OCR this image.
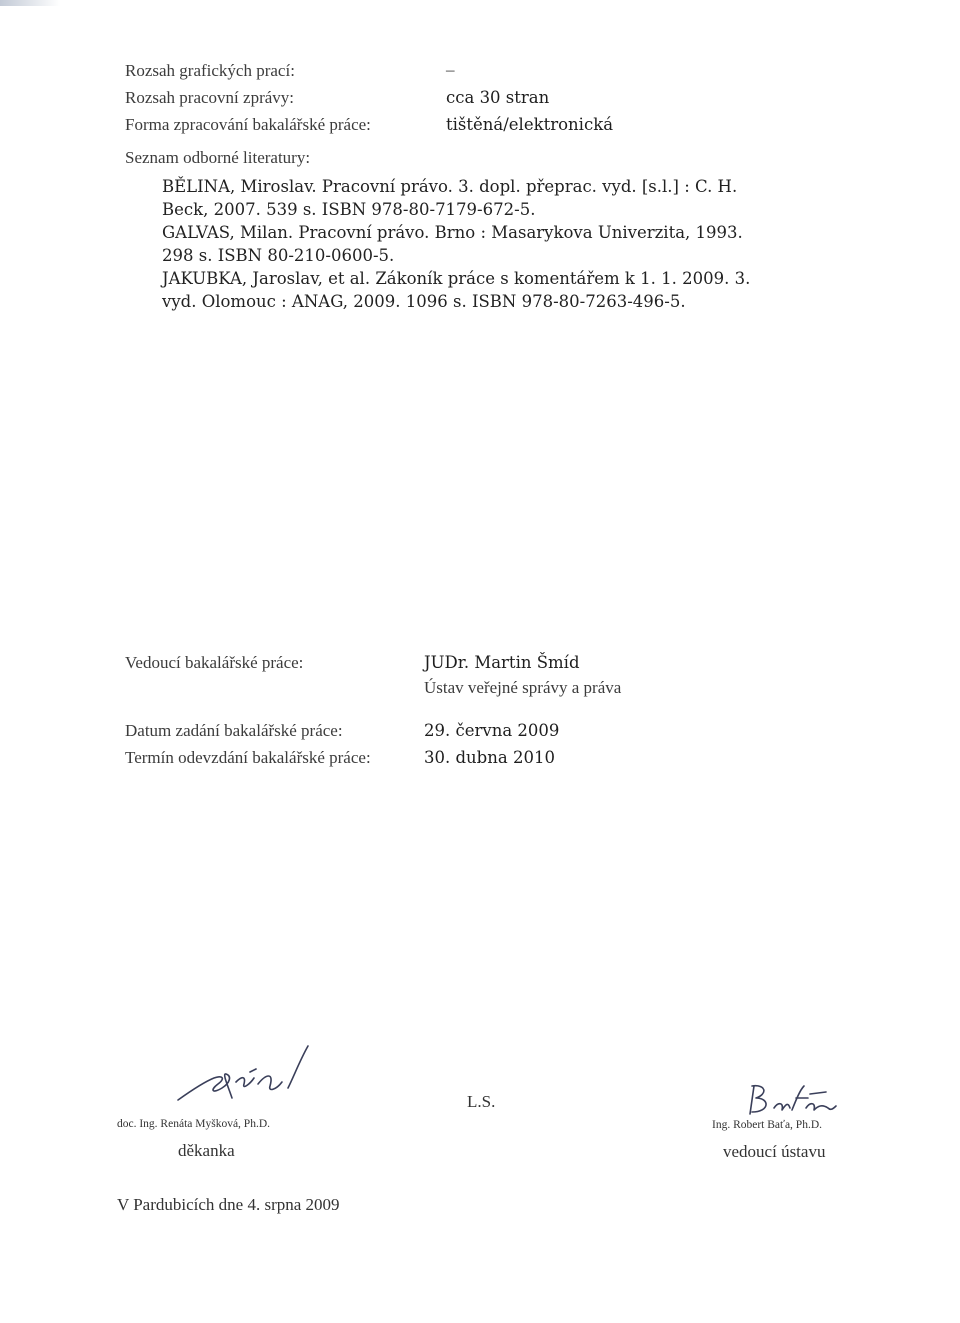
Rozsah grafických prací:	–
Rozsah pracovní zprávy:	cca 30 stran
Forma zpracování bakalářské práce:	tištěná/elektronická
Seznam odborné literatury:
BĚLINA, Miroslav. Pracovní právo. 3. dopl. přeprac. vyd. [s.l.] : C. H.
Beck, 2007. 539 s. ISBN 978-80-7179-672-5.
GALVAS, Milan. Pracovní právo. Brno : Masarykova Univerzita, 1993.
298 s. ISBN 80-210-0600-5.
JAKUBKA, Jaroslav, et al. Zákoník práce s komentářem k 1. 1. 2009. 3.
vyd. Olomouc : ANAG, 2009. 1096 s. ISBN 978-80-7263-496-5.
Vedoucí bakalářské práce:	JUDr. Martin Šmíd
Ústav veřejné správy a práva
Datum zadání bakalářské práce:	29. června 2009
Termín odevzdání bakalářské práce:	30. dubna 2010
doc. Ing. Renáta Myšková, Ph.D.
děkanka
L.S.
Ing. Robert Baťa, Ph.D.
vedoucí ústavu
V Pardubicích dne 4. srpna 2009
